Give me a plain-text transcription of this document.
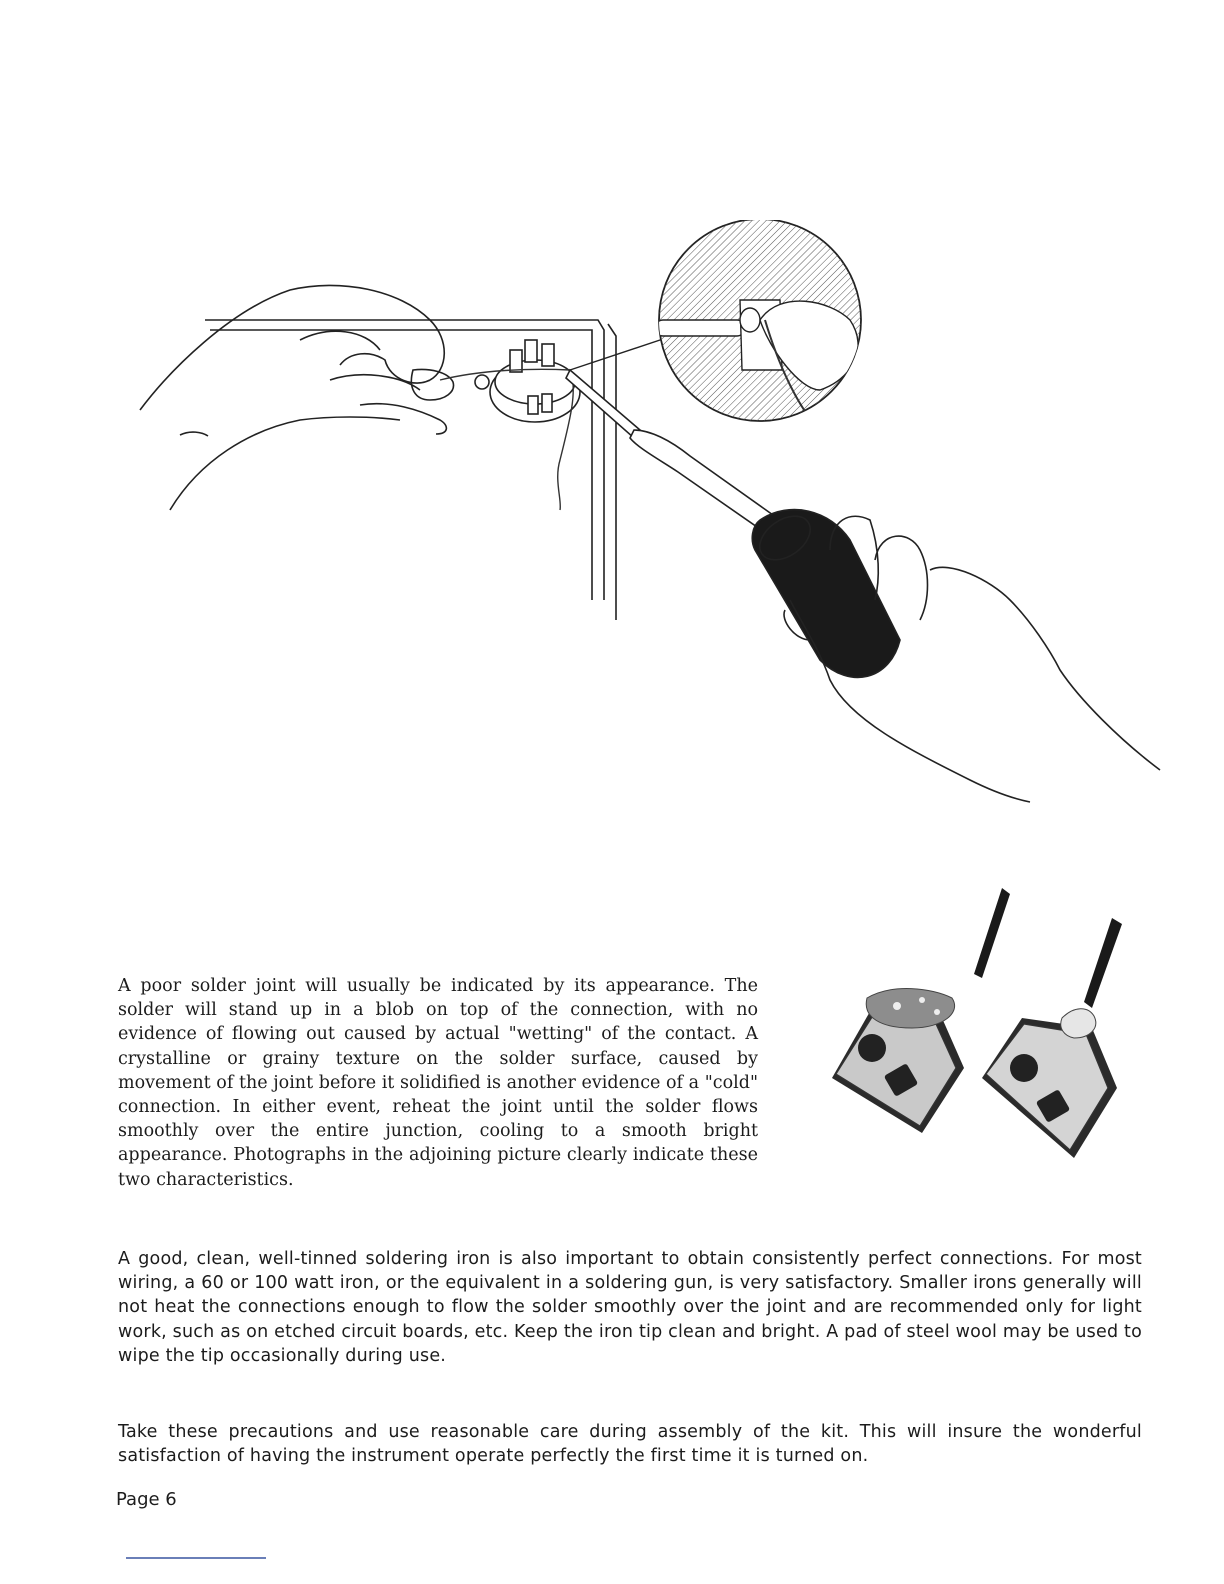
A poor solder joint will usually be indicated by its appearance. The solder will stand up in a blob on top of the connection, with no evidence of flowing out caused by actual "wetting" of the contact. A crystalline or grainy texture on the solder surface, caused by movement of the joint before it solidified is another evidence of a "cold" connection. In either event, reheat the joint until the solder flows smoothly over the entire junction, cooling to a smooth bright appearance. Photographs in the adjoining picture clearly indicate these two characteristics.

A good, clean, well-tinned soldering iron is also important to obtain consistently perfect connections. For most wiring, a 60 or 100 watt iron, or the equivalent in a soldering gun, is very satisfactory. Smaller irons generally will not heat the connections enough to flow the solder smoothly over the joint and are recommended only for light work, such as on etched circuit boards, etc. Keep the iron tip clean and bright. A pad of steel wool may be used to wipe the tip occasionally during use.

Take these precautions and use reasonable care during assembly of the kit. This will insure the wonderful satisfaction of having the instrument operate perfectly the first time it is turned on.

Page 6
